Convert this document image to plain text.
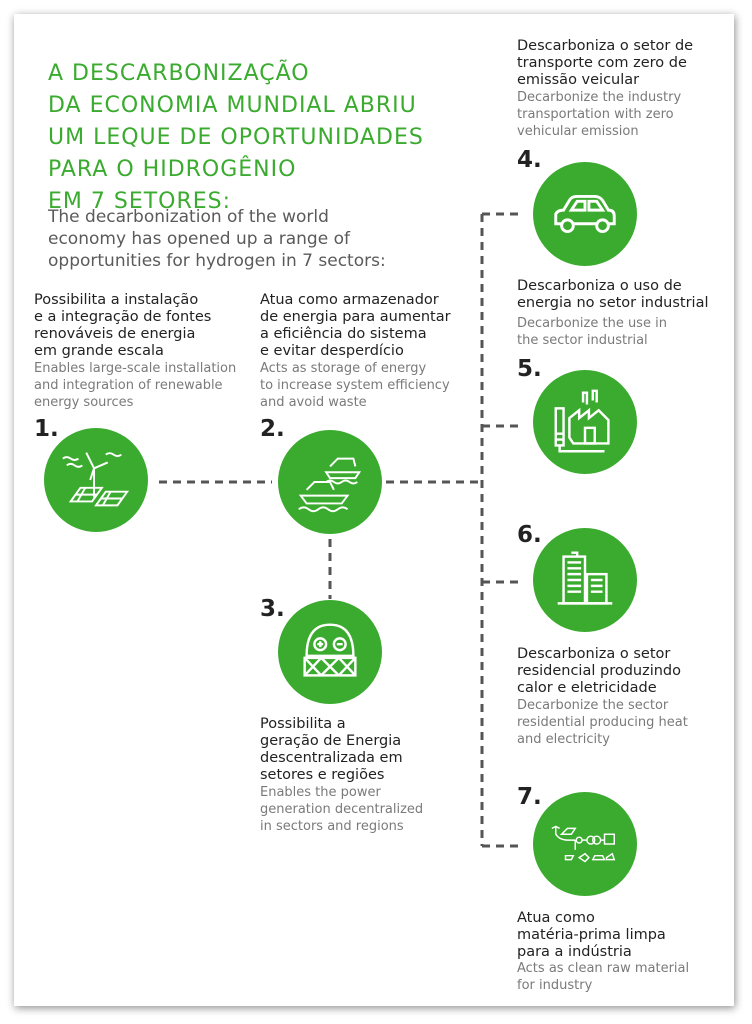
A DESCARBONIZAÇÃO
DA ECONOMIA MUNDIAL ABRIU
UM LEQUE DE OPORTUNIDADES
PARA O HIDROGÊNIO
EM 7 SETORES:
The decarbonization of the world
economy has opened up a range of
opportunities for hydrogen in 7 sectors:
Possibilita a instalação
e a integração de fontes
renováveis de energia
em grande escala
Enables large-scale installation
and integration of renewable
energy sources
1.
Atua como armazenador
de energia para aumentar
a eficiência do sistema
e evitar desperdício
Acts as storage of energy
to increase system efficiency
and avoid waste
2.
3.
Possibilita a
geração de Energia
descentralizada em
setores e regiões
Enables the power
generation decentralized
in sectors and regions
Descarboniza o setor de
transporte com zero de
emissão veicular
Decarbonize the industry
transportation with zero
vehicular emission
4.
Descarboniza o uso de
energia no setor industrial
Decarbonize the use in
the sector industrial
5.
6.
Descarboniza o setor
residencial produzindo
calor e eletricidade
Decarbonize the sector
residential producing heat
and electricity
7.
Atua como
matéria-prima limpa
para a indústria
Acts as clean raw material
for industry
